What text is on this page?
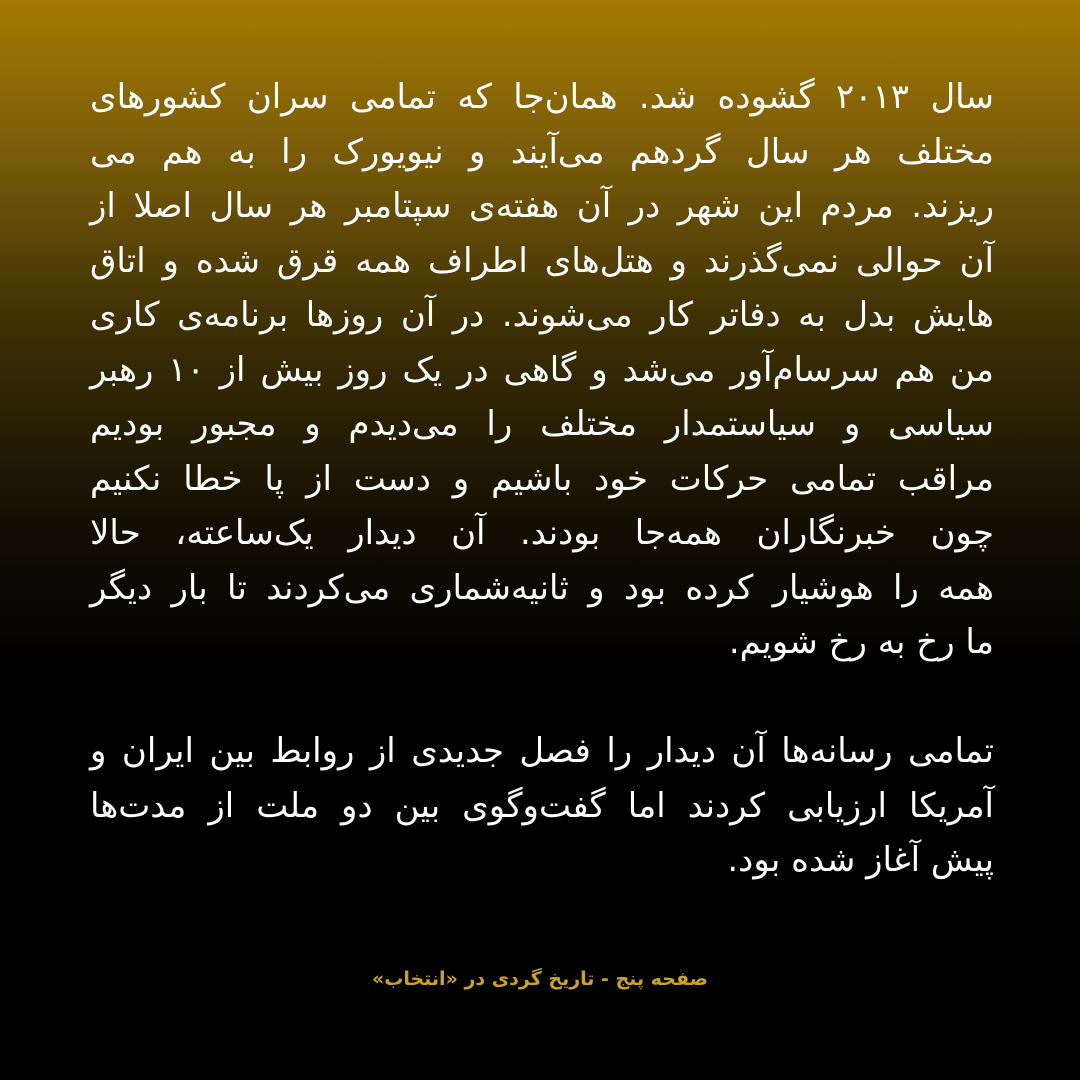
سال ۲۰۱۳ گشوده شد. همان‌جا که تمامی سران کشورهای
مختلف هر سال گردهم می‌آیند و نیویورک را به هم می
ریزند. مردم این شهر در آن هفته‌ی سپتامبر هر سال اصلا از
آن حوالی نمی‌گذرند و هتل‌های اطراف همه قرق شده و اتاق
هایش بدل به دفاتر کار می‌شوند. در آن روزها برنامه‌ی کاری
من هم سرسام‌آور می‌شد و گاهی در یک روز بیش از ۱۰ رهبر
سیاسی و سیاستمدار مختلف را می‌دیدم و مجبور بودیم
مراقب تمامی حرکات خود باشیم و دست از پا خطا نکنیم
چون خبرنگاران همه‌جا بودند. آن دیدار یک‌ساعته، حالا
همه را هوشیار کرده بود و ثانیه‌شماری می‌کردند تا بار دیگر
ما رخ به رخ شویم.
تمامی رسانه‌ها آن دیدار را فصل جدیدی از روابط بین ایران و
آمریکا ارزیابی کردند اما گفت‌وگوی بین دو ملت از مدت‌ها
پیش آغاز شده بود.
صفحه پنج - تاریخ گردی در «انتخاب»
